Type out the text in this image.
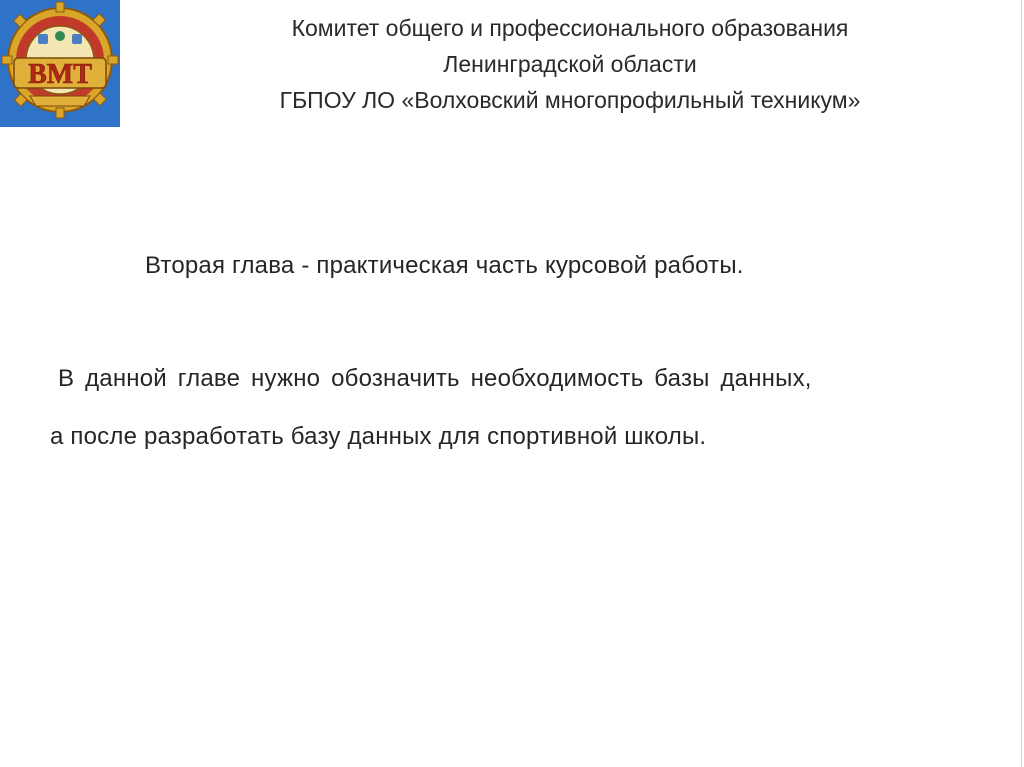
ВМТ
Комитет общего и профессионального образования
Ленинградской области
ГБПОУ ЛО «Волховский многопрофильный техникум»
Вторая глава - практическая часть курсовой работы.
В данной главе нужно обозначить необходимость базы данных,
а после разработать базу данных для спортивной школы.
